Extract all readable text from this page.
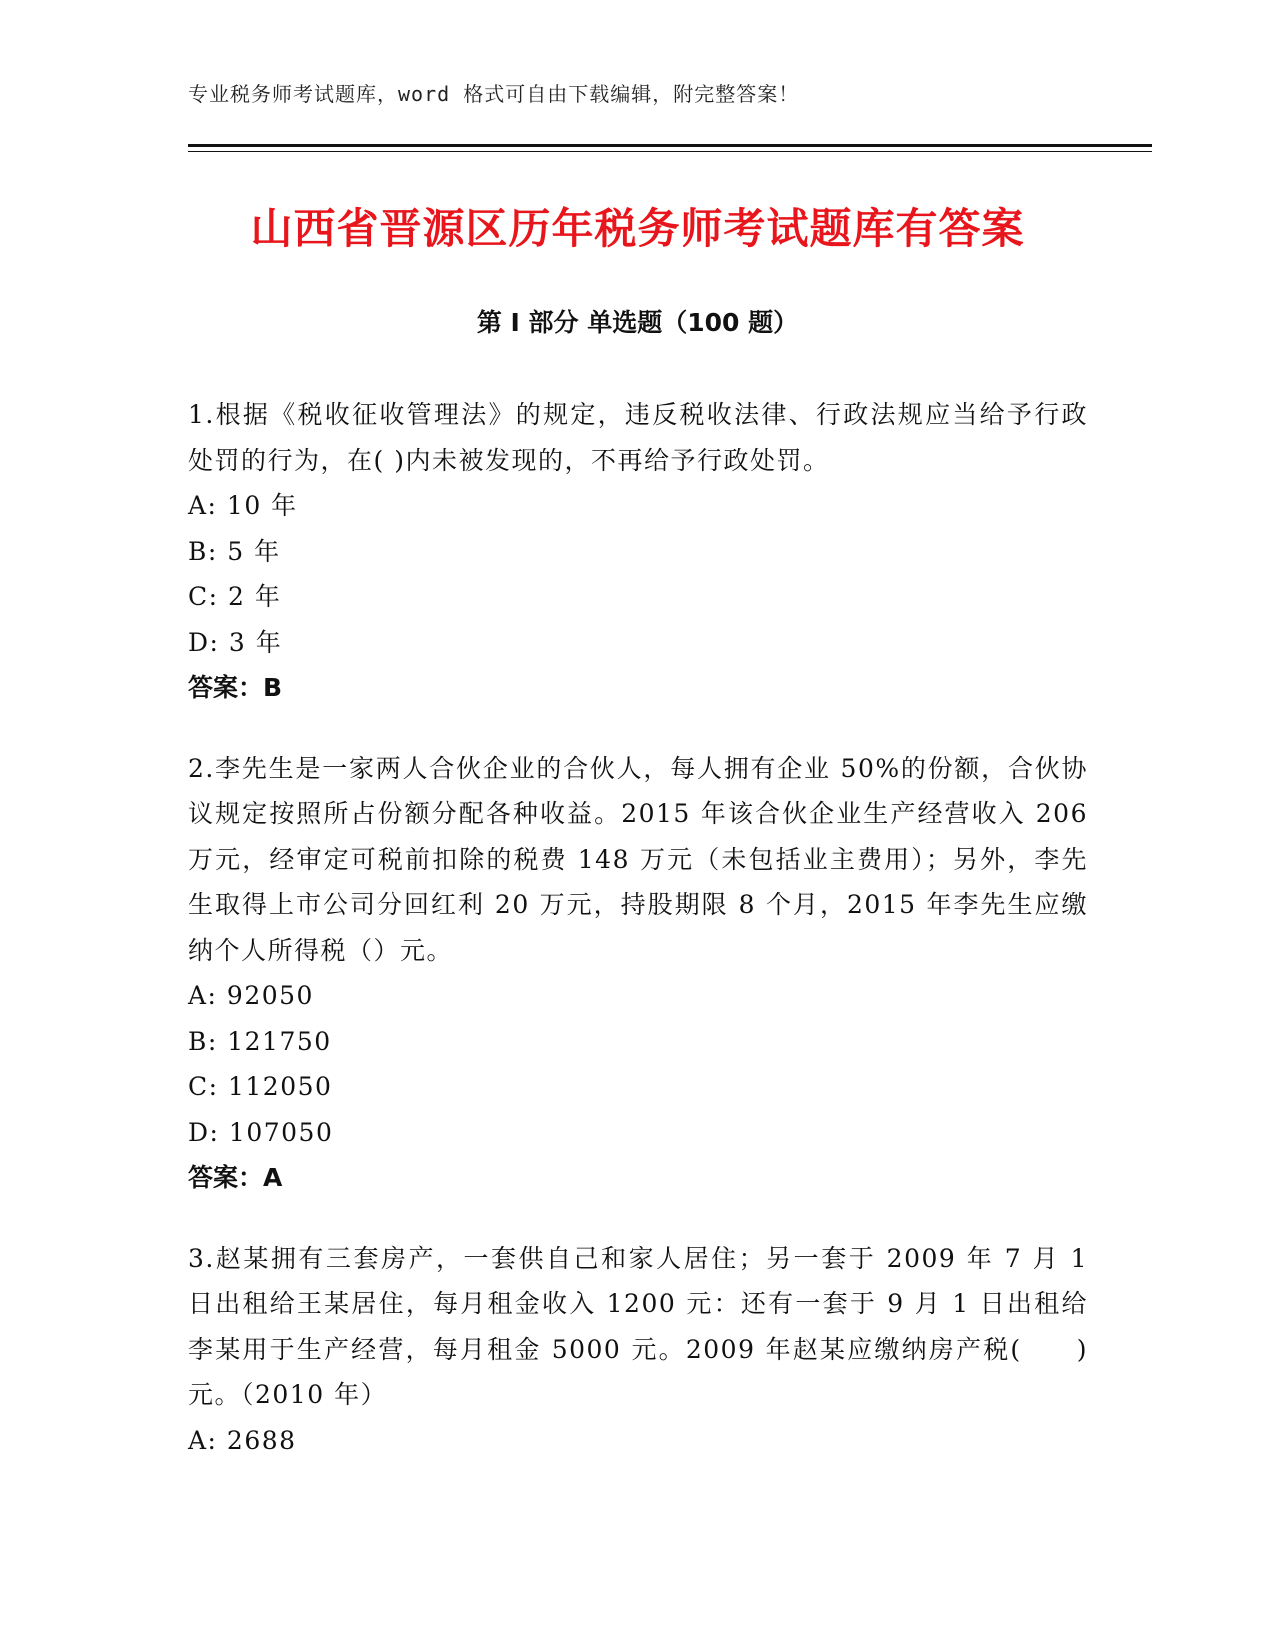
专业税务师考试题库，word 格式可自由下载编辑，附完整答案！
山西省晋源区历年税务师考试题库有答案
第 I 部分 单选题（100 题）

1.根据《税收征收管理法》的规定，违反税收法律、行政法规应当给予行政处罚的行为，在( )内未被发现的，不再给予行政处罚。

A: 10 年

B: 5 年

C: 2 年

D: 3 年

答案：B

2.李先生是一家两人合伙企业的合伙人，每人拥有企业 50%的份额，合伙协议规定按照所占份额分配各种收益。2015 年该合伙企业生产经营收入 206 万元，经审定可税前扣除的税费 148 万元（未包括业主费用）；另外，李先生取得上市公司分回红利 20 万元，持股期限 8 个月，2015 年李先生应缴纳个人所得税（）元。

A: 92050

B: 121750

C: 112050

D: 107050

答案：A

3.赵某拥有三套房产，一套供自己和家人居住；另一套于 2009 年 7 月 1 日出租给王某居住，每月租金收入 1200 元：还有一套于 9 月 1 日出租给李某用于生产经营，每月租金 5000 元。2009 年赵某应缴纳房产税(　　)元。（2010 年）

A: 2688
